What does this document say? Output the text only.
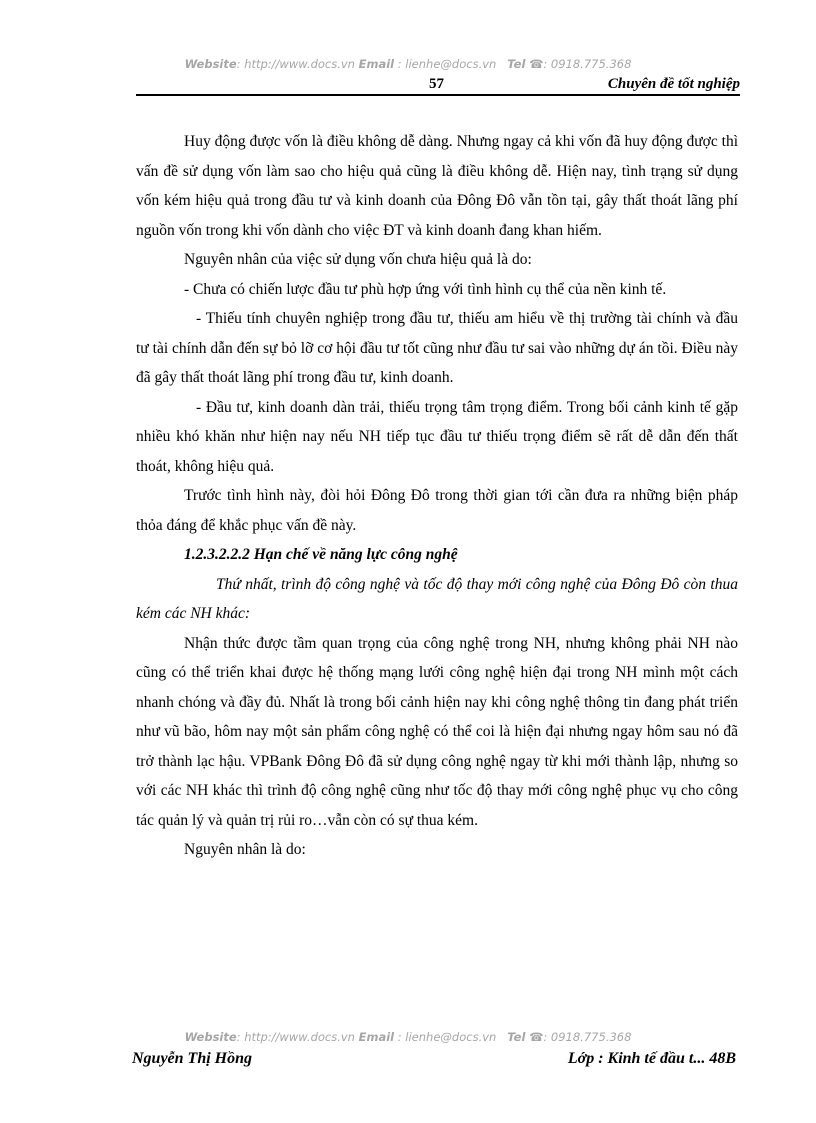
Website: http://www.docs.vn Email : lienhe@docs.vn Tel ☎: 0918.775.368
57	Chuyên đề tốt nghiệp

Huy động được vốn là điều không dễ dàng. Nhưng ngay cả khi vốn đã huy động được thì vấn đề sử dụng vốn làm sao cho hiệu quả cũng là điều không dễ. Hiện nay, tình trạng sử dụng vốn kém hiệu quả trong đầu tư và kinh doanh của Đông Đô vẫn tồn tại, gây thất thoát lãng phí nguồn vốn trong khi vốn dành cho việc ĐT và kinh doanh đang khan hiếm.

Nguyên nhân của việc sử dụng vốn chưa hiệu quả là do:

- Chưa có chiến lược đầu tư phù hợp ứng với tình hình cụ thể của nền kinh tế.

- Thiếu tính chuyên nghiệp trong đầu tư, thiếu am hiểu về thị trường tài chính và đầu tư tài chính dẫn đến sự bỏ lỡ cơ hội đầu tư tốt cũng như đầu tư sai vào những dự án tồi. Điều này đã gây thất thoát lãng phí trong đầu tư, kinh doanh.

- Đầu tư, kinh doanh dàn trải, thiếu trọng tâm trọng điểm. Trong bối cảnh kinh tế gặp nhiều khó khăn như hiện nay nếu NH tiếp tục đầu tư thiếu trọng điểm sẽ rất dễ dẫn đến thất thoát, không hiệu quả.

Trước tình hình này, đòi hỏi Đông Đô trong thời gian tới cần đưa ra những biện pháp thỏa đáng để khắc phục vấn đề này.

1.2.3.2.2.2 Hạn chế về năng lực công nghệ

Thứ nhất, trình độ công nghệ và tốc độ thay mới công nghệ của Đông Đô còn thua kém các NH khác:

Nhận thức được tầm quan trọng của công nghệ trong NH, nhưng không phải NH nào cũng có thể triển khai được hệ thống mạng lưới công nghệ hiện đại trong NH mình một cách nhanh chóng và đầy đủ. Nhất là trong bối cảnh hiện nay khi công nghệ thông tin đang phát triển như vũ bão, hôm nay một sản phẩm công nghệ có thể coi là hiện đại nhưng ngay hôm sau nó đã trở thành lạc hậu. VPBank Đông Đô đã sử dụng công nghệ ngay từ khi mới thành lập, nhưng so với các NH khác thì trình độ công nghệ cũng như tốc độ thay mới công nghệ phục vụ cho công tác quản lý và quản trị rủi ro…vẫn còn có sự thua kém.

Nguyên nhân là do:

Website: http://www.docs.vn Email : lienhe@docs.vn Tel ☎: 0918.775.368
Nguyễn Thị Hồng	Lớp : Kinh tế đầu t... 48B
